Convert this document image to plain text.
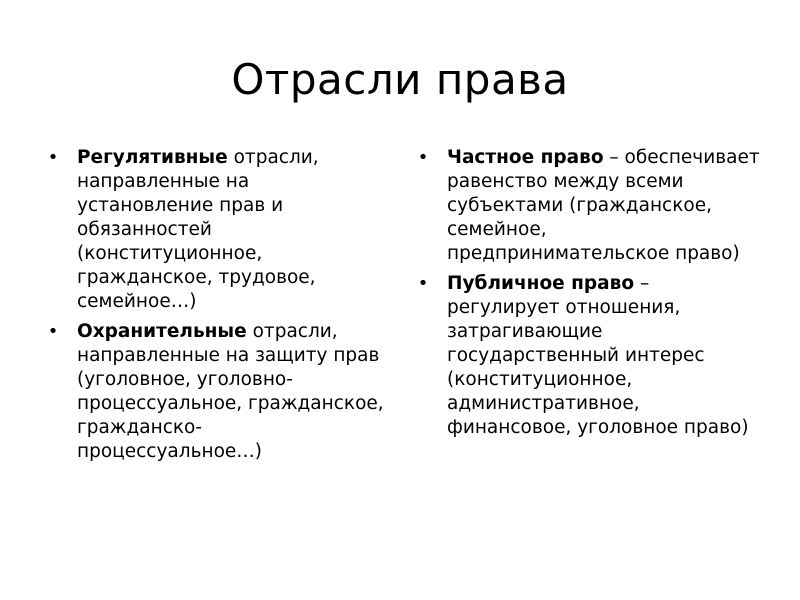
Отрасли права
• Регулятивные отрасли, направленные на установление прав и обязанностей (конституционное, гражданское, трудовое, семейное…)
• Охранительные отрасли, направленные на защиту прав (уголовное, уголовно-процессуальное, гражданское, гражданско-процессуальное…)
• Частное право – обеспечивает равенство между всеми субъектами (гражданское, семейное, предпринимательское право)
• Публичное право – регулирует отношения, затрагивающие государственный интерес (конституционное, административное, финансовое, уголовное право)
